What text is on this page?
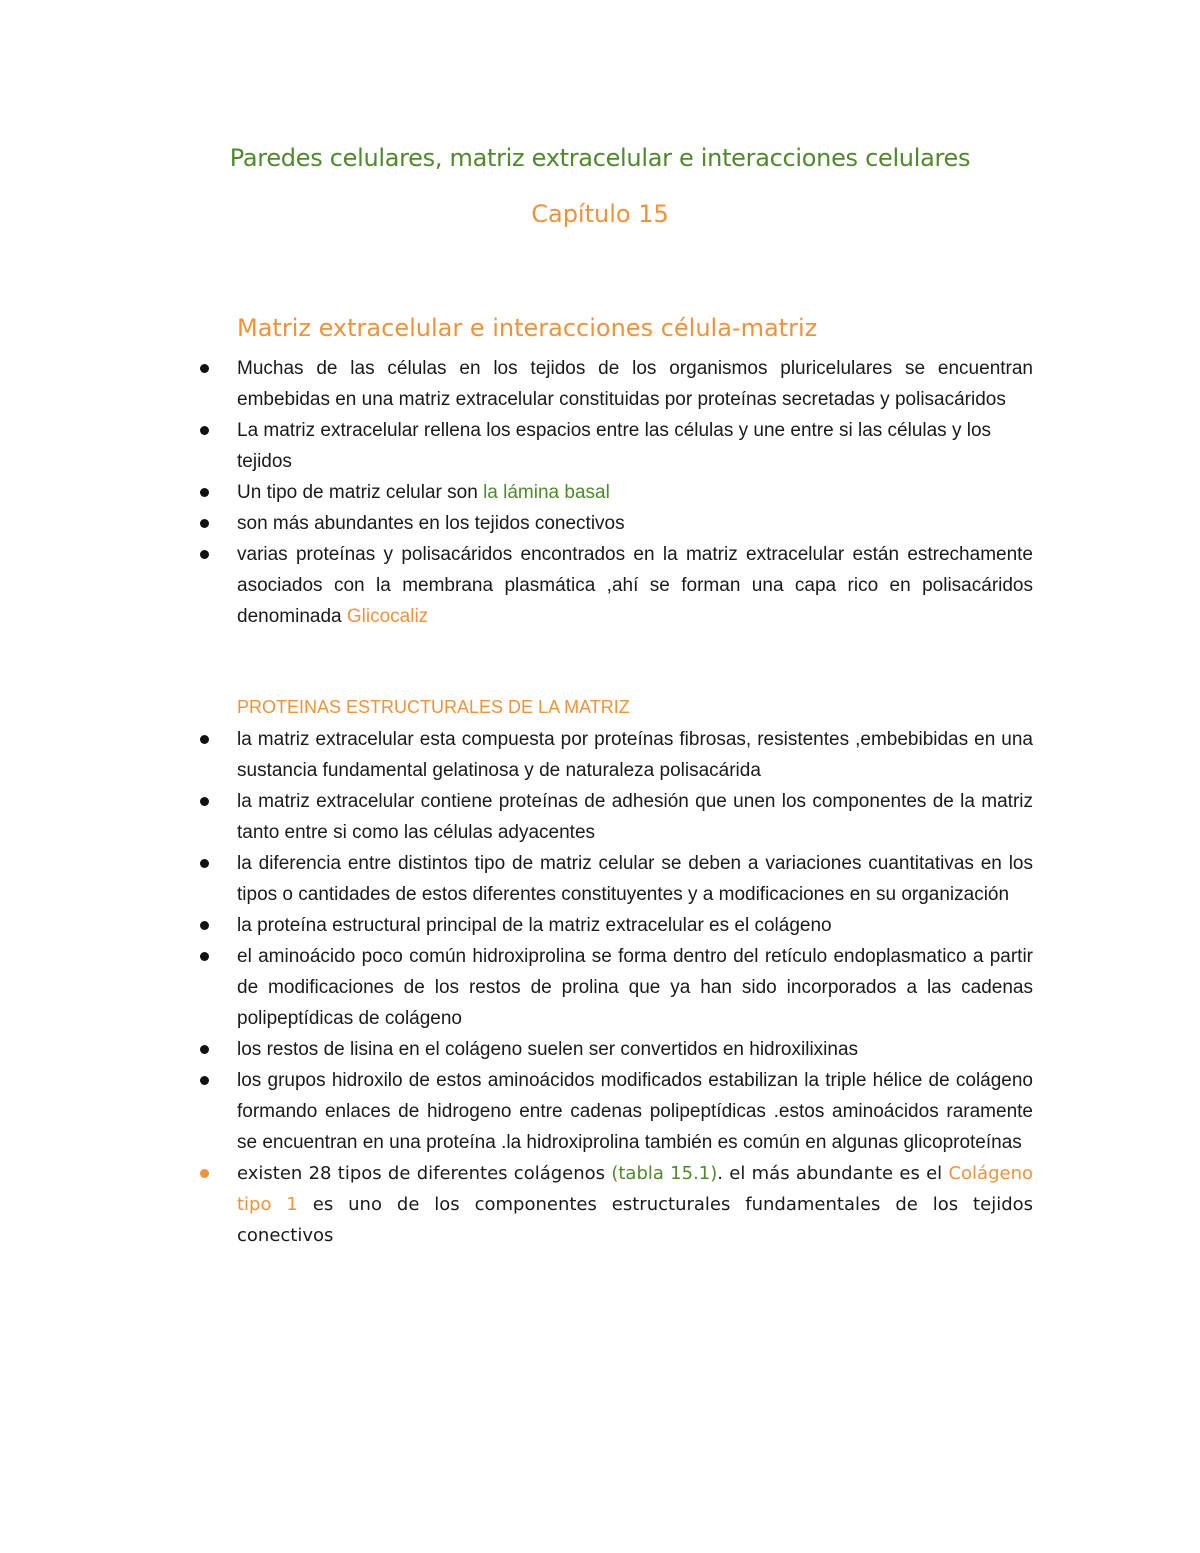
Paredes celulares, matriz extracelular e interacciones celulares
Capítulo 15
Matriz extracelular e interacciones célula-matriz
Muchas de las células en los tejidos de los organismos pluricelulares se encuentran embebidas en una matriz extracelular constituidas por proteínas secretadas y polisacáridos
La matriz extracelular rellena los espacios entre las células y une entre si las células y los tejidos
Un tipo de matriz celular son la lámina basal
son más abundantes en los tejidos conectivos
varias proteínas y polisacáridos encontrados en la matriz extracelular están estrechamente asociados con la membrana plasmática ,ahí se forman una capa rico en polisacáridos denominada Glicocaliz
PROTEINAS ESTRUCTURALES DE LA MATRIZ
la matriz extracelular esta compuesta por proteínas fibrosas, resistentes ,embebibidas en una sustancia fundamental gelatinosa y de naturaleza polisacárida
la matriz extracelular contiene proteínas de adhesión que unen los componentes de la matriz tanto entre si como las células adyacentes
la diferencia entre distintos tipo de matriz celular se deben a variaciones cuantitativas en los tipos o cantidades de estos diferentes constituyentes y a modificaciones en su organización
la proteína estructural principal de la matriz extracelular es el colágeno
el aminoácido poco común hidroxiprolina se forma dentro del retículo endoplasmatico a partir de modificaciones de los restos de prolina que ya han sido incorporados a las cadenas polipeptídicas de colágeno
los restos de lisina en el colágeno suelen ser convertidos en hidroxilixinas
los grupos hidroxilo de estos aminoácidos modificados estabilizan la triple hélice de colágeno formando enlaces de hidrogeno entre cadenas polipeptídicas .estos aminoácidos raramente se encuentran en una proteína .la hidroxiprolina también es común en algunas glicoproteínas
existen 28 tipos de diferentes colágenos (tabla 15.1). el más abundante es el Colágeno tipo 1 es uno de los componentes estructurales fundamentales de los tejidos conectivos
